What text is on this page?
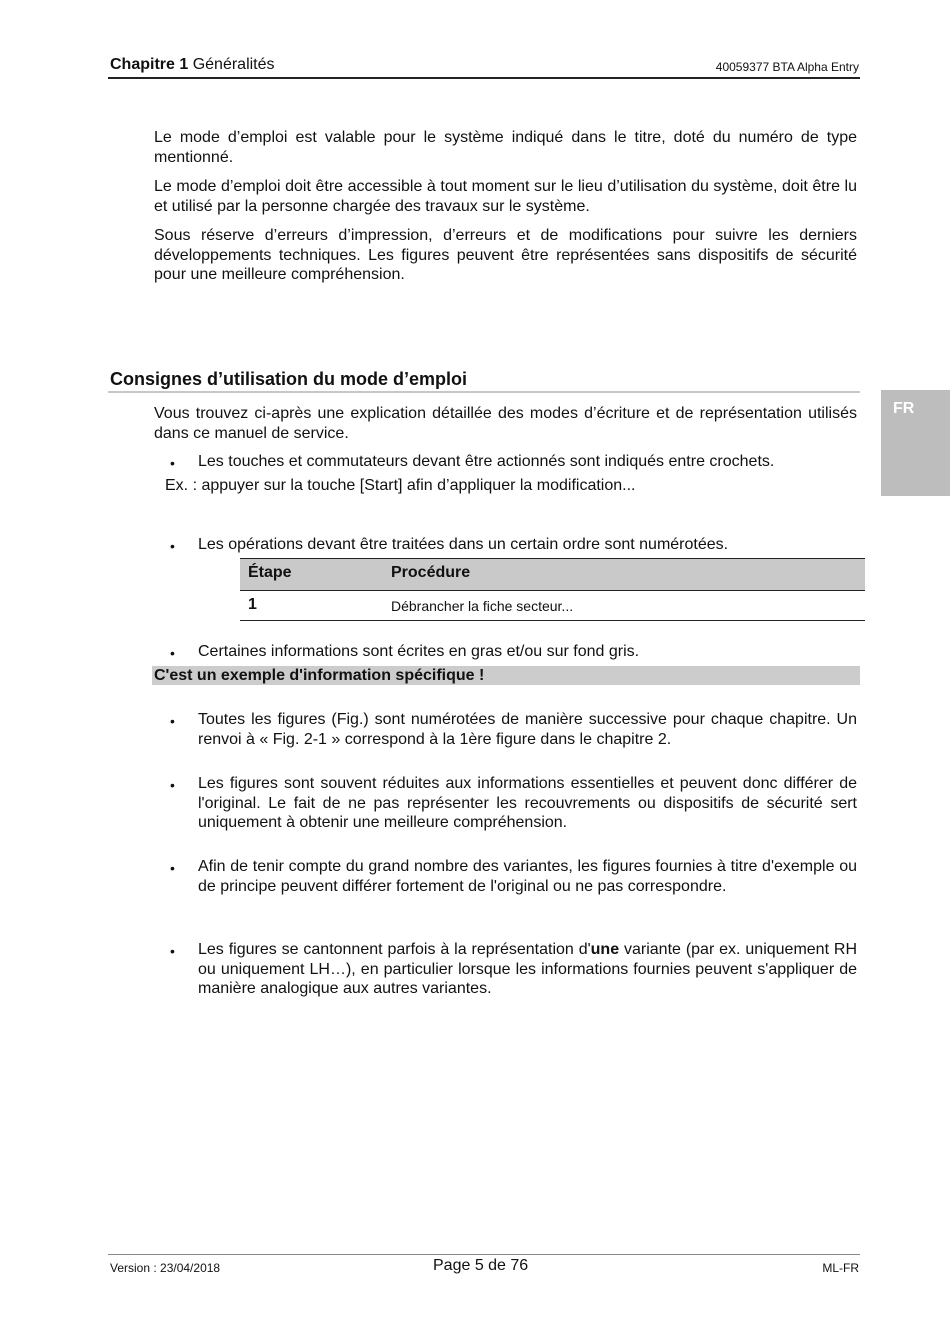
Chapitre 1 Généralités	40059377 BTA Alpha Entry
FR
Le mode d’emploi est valable pour le système indiqué dans le titre, doté du numéro de type mentionné.
Le mode d’emploi doit être accessible à tout moment sur le lieu d’utilisation du système, doit être lu et utilisé par la personne chargée des travaux sur le système.
Sous réserve d’erreurs d’impression, d’erreurs et de modifications pour suivre les derniers développements techniques. Les figures peuvent être représentées sans dispositifs de sécurité pour une meilleure compréhension.
Consignes d’utilisation du mode d’emploi
Vous trouvez ci-après une explication détaillée des modes d’écriture et de représentation utilisés dans ce manuel de service.
• Les touches et commutateurs devant être actionnés sont indiqués entre crochets.
Ex. : appuyer sur la touche [Start] afin d’appliquer la modification...
• Les opérations devant être traitées dans un certain ordre sont numérotées.
Étape	Procédure
1	Débrancher la fiche secteur...
• Certaines informations sont écrites en gras et/ou sur fond gris.
C'est un exemple d'information spécifique !
• Toutes les figures (Fig.) sont numérotées de manière successive pour chaque chapitre. Un renvoi à « Fig. 2-1 » correspond à la 1ère figure dans le chapitre 2.
• Les figures sont souvent réduites aux informations essentielles et peuvent donc différer de l'original. Le fait de ne pas représenter les recouvrements ou dispositifs de sécurité sert uniquement à obtenir une meilleure compréhension.
• Afin de tenir compte du grand nombre des variantes, les figures fournies à titre d'exemple ou de principe peuvent différer fortement de l'original ou ne pas correspondre.
• Les figures se cantonnent parfois à la représentation d'une variante (par ex. uniquement RH ou uniquement LH…), en particulier lorsque les informations fournies peuvent s'appliquer de manière analogique aux autres variantes.
Version : 23/04/2018	Page 5 de 76	ML-FR
